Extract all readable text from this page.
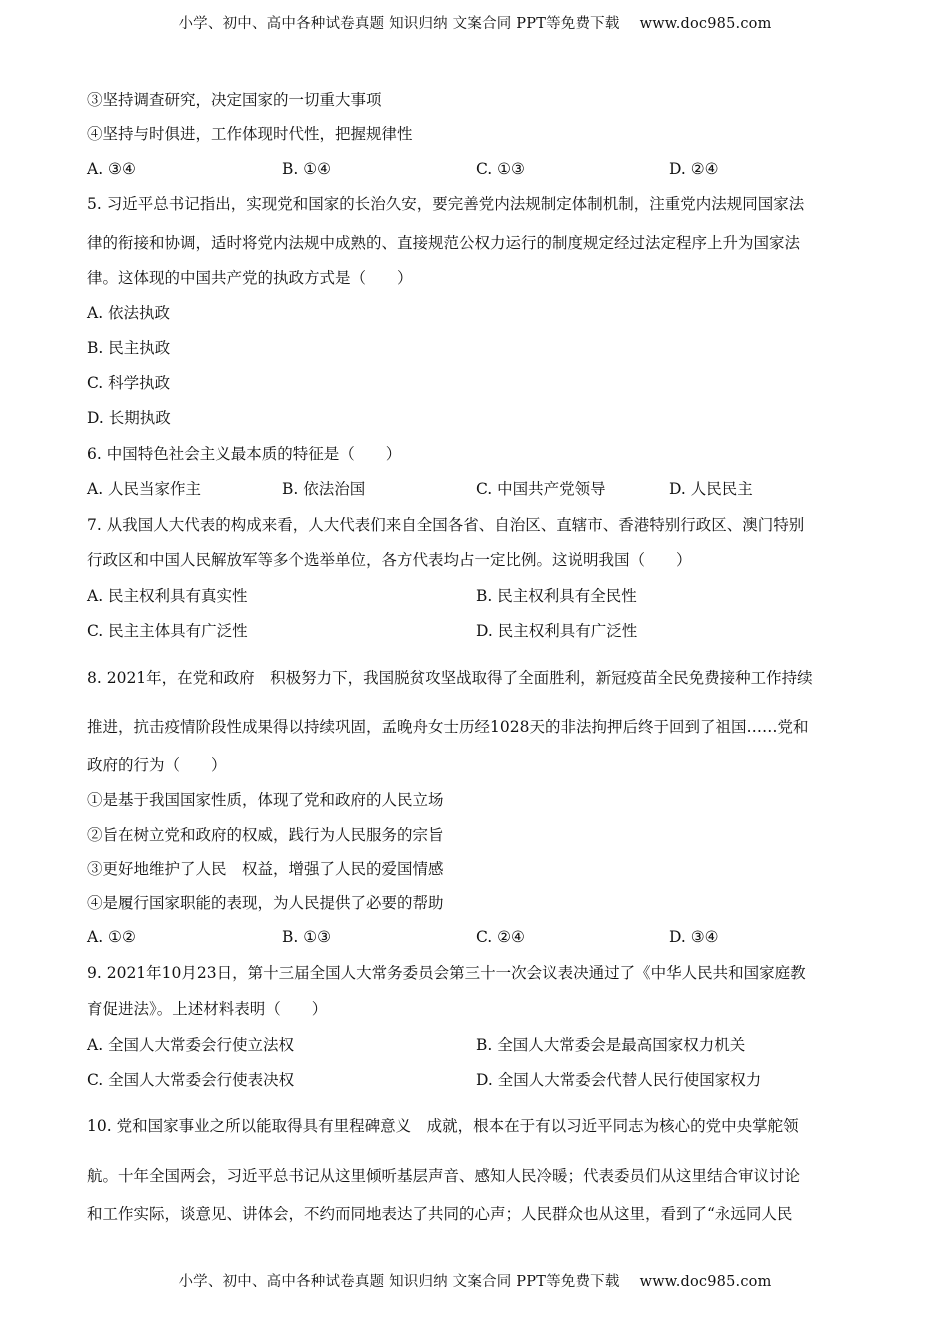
小学、初中、高中各种试卷真题 知识归纳 文案合同 PPT等免费下载 www.doc985.com
③坚持调查研究，决定国家的一切重大事项
④坚持与时俱进，工作体现时代性，把握规律性
A. ③④	B. ①④	C. ①③	D. ②④
5. 习近平总书记指出，实现党和国家的长治久安，要完善党内法规制定体制机制，注重党内法规同国家法
律的衔接和协调，适时将党内法规中成熟的、直接规范公权力运行的制度规定经过法定程序上升为国家法
律。这体现的中国共产党的执政方式是（　　）
A. 依法执政
B. 民主执政
C. 科学执政
D. 长期执政
6. 中国特色社会主义最本质的特征是（　　）
A. 人民当家作主	B. 依法治国	C. 中国共产党领导	D. 人民民主
7. 从我国人大代表的构成来看，人大代表们来自全国各省、自治区、直辖市、香港特别行政区、澳门特别
行政区和中国人民解放军等多个选举单位，各方代表均占一定比例。这说明我国（　　）
A. 民主权利具有真实性	B. 民主权利具有全民性
C. 民主主体具有广泛性	D. 民主权利具有广泛性
8. 2021年，在党和政府　积极努力下，我国脱贫攻坚战取得了全面胜利，新冠疫苗全民免费接种工作持续
推进，抗击疫情阶段性成果得以持续巩固，孟晚舟女士历经1028天的非法拘押后终于回到了祖国……党和
政府的行为（　　）
①是基于我国国家性质，体现了党和政府的人民立场
②旨在树立党和政府的权威，践行为人民服务的宗旨
③更好地维护了人民　权益，增强了人民的爱国情感
④是履行国家职能的表现，为人民提供了必要的帮助
A. ①②	B. ①③	C. ②④	D. ③④
9. 2021年10月23日，第十三届全国人大常务委员会第三十一次会议表决通过了《中华人民共和国家庭教
育促进法》。上述材料表明（　　）
A. 全国人大常委会行使立法权	B. 全国人大常委会是最高国家权力机关
C. 全国人大常委会行使表决权	D. 全国人大常委会代替人民行使国家权力
10. 党和国家事业之所以能取得具有里程碑意义　成就，根本在于有以习近平同志为核心的党中央掌舵领
航。十年全国两会，习近平总书记从这里倾听基层声音、感知人民冷暖；代表委员们从这里结合审议讨论
和工作实际，谈意见、讲体会，不约而同地表达了共同的心声；人民群众也从这里，看到了“永远同人民
小学、初中、高中各种试卷真题 知识归纳 文案合同 PPT等免费下载 www.doc985.com
